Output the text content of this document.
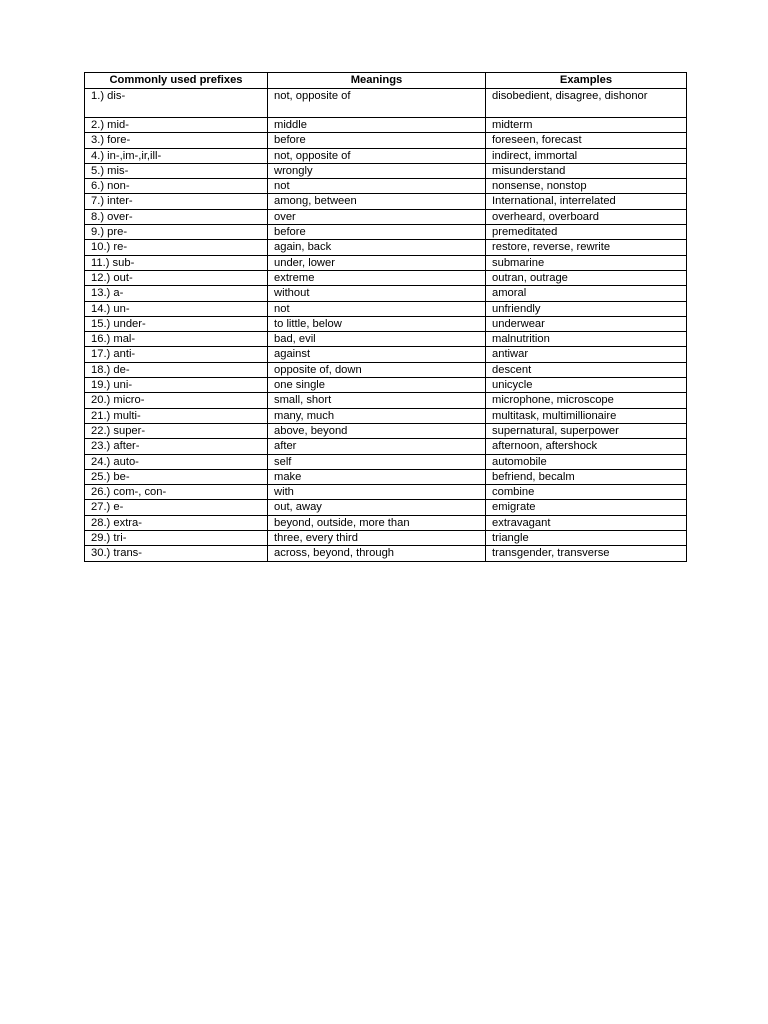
Commonly used prefixes	Meanings	Examples
1.) dis-	not, opposite of	disobedient, disagree, dishonor
2.) mid-	middle	midterm
3.) fore-	before	foreseen, forecast
4.) in-,im-,ir,ill-	not, opposite of	indirect, immortal
5.) mis-	wrongly	misunderstand
6.) non-	not	nonsense, nonstop
7.) inter-	among, between	International, interrelated
8.) over-	over	overheard, overboard
9.) pre-	before	premeditated
10.) re-	again, back	restore, reverse, rewrite
11.) sub-	under, lower	submarine
12.) out-	extreme	outran, outrage
13.) a-	without	amoral
14.) un-	not	unfriendly
15.) under-	to little, below	underwear
16.) mal-	bad, evil	malnutrition
17.) anti-	against	antiwar
18.) de-	opposite of, down	descent
19.) uni-	one single	unicycle
20.) micro-	small, short	microphone, microscope
21.) multi-	many, much	multitask, multimillionaire
22.) super-	above, beyond	supernatural, superpower
23.) after-	after	afternoon, aftershock
24.) auto-	self	automobile
25.) be-	make	befriend, becalm
26.) com-, con-	with	combine
27.) e-	out, away	emigrate
28.) extra-	beyond, outside, more than	extravagant
29.) tri-	three, every third	triangle
30.) trans-	across, beyond, through	transgender, transverse
